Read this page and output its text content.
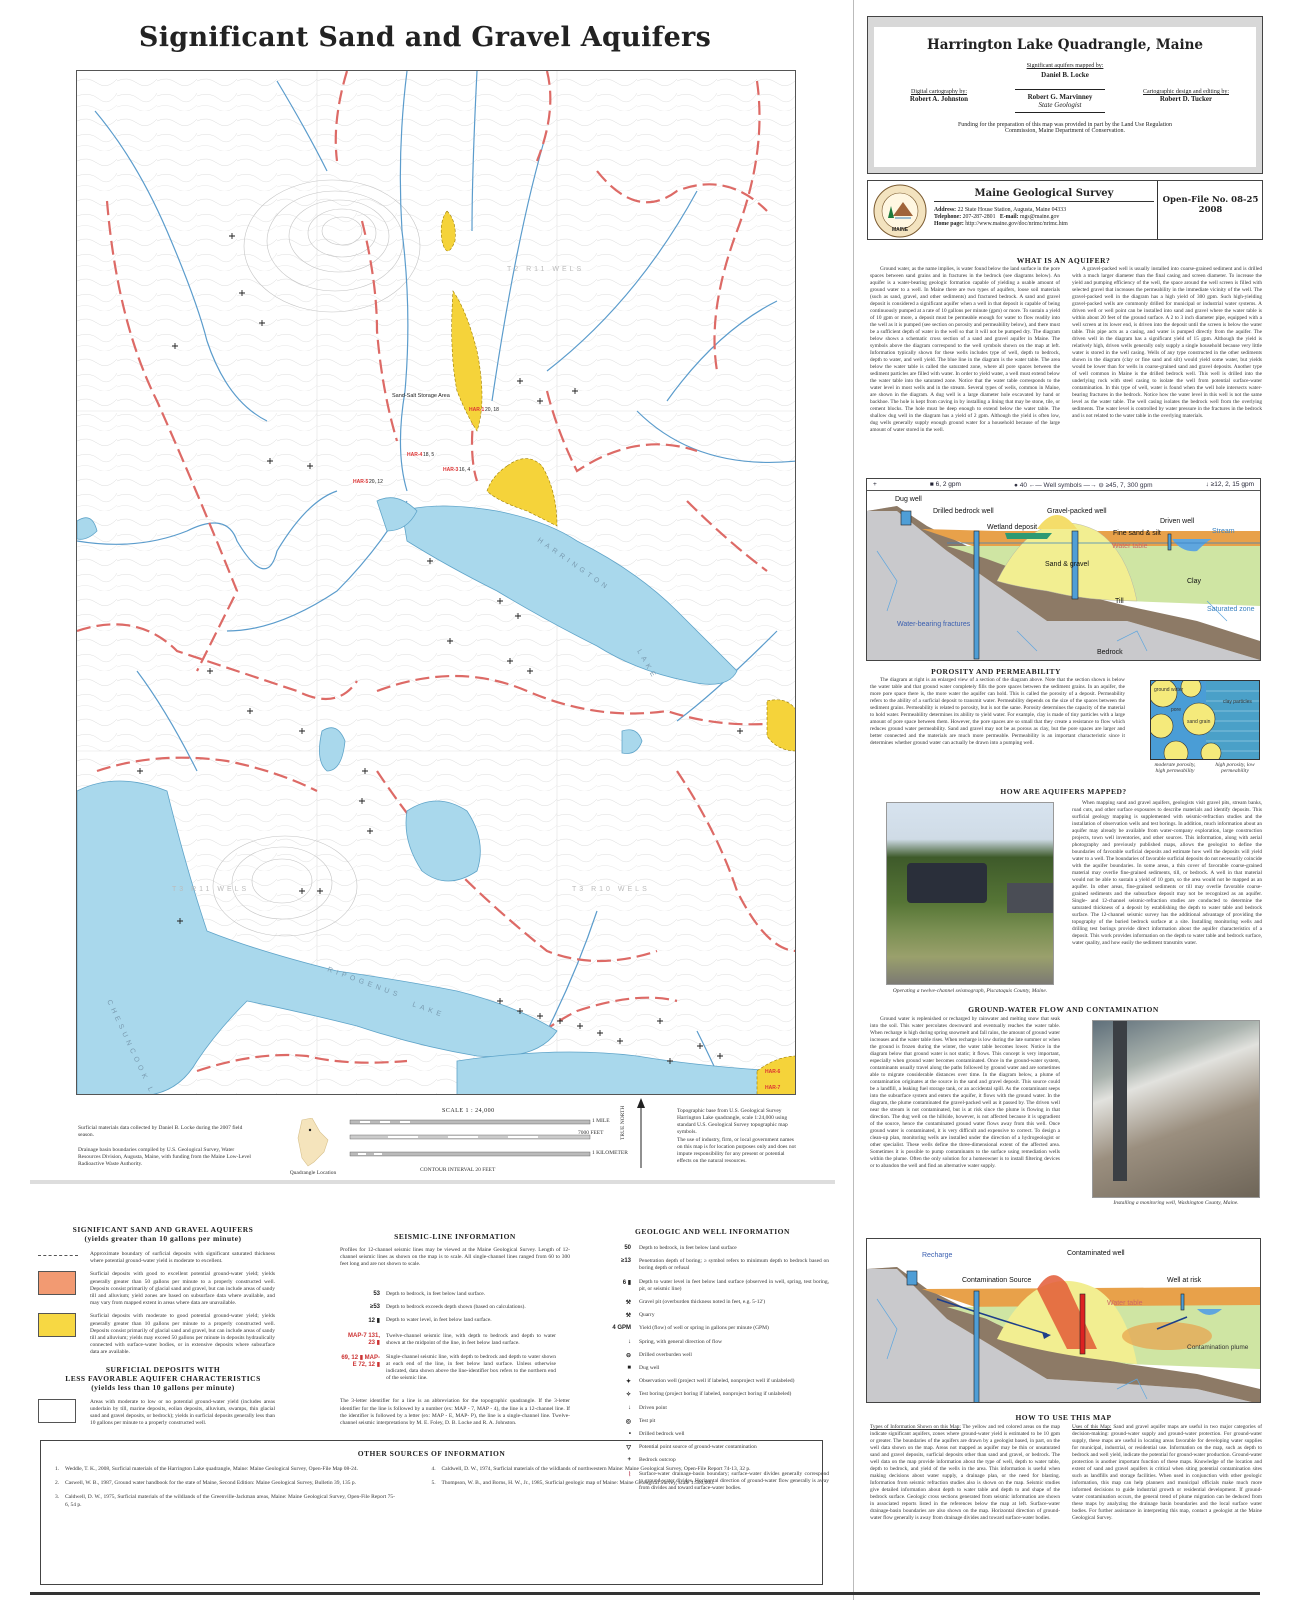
Significant Sand and Gravel Aquifers
Sand-Salt Storage Area
HAR-1
HAR-4
HAR-3
HAR-5
HAR-6
HAR-7
20, 18
18, 5
16, 4
20, 12
HARRINGTON
LAKE
RIPOGENUS
LAKE
T2 R11 WELS
T3 R11 WELS	T3 R10 WELS
Surficial materials data collected by Daniel B. Locke during the 2007 field season.
Drainage basin boundaries compiled by U.S. Geological Survey, Water Resources Division, Augusta, Maine, with funding from the Maine Low-Level Radioactive Waste Authority.
Quadrangle Location
SCALE 1 : 24,000
1 MILE
7000 FEET
1 KILOMETER
CONTOUR INTERVAL 20 FEET
TRUE NORTH	Topographic base from U.S. Geological Survey Harrington Lake quadrangle, scale 1:24,000 using standard U.S. Geological Survey topographic map symbols.
The use of industry, firm, or local government names on this map is for location purposes only and does not impute responsibility for any present or potential effects on the natural resources.
SIGNIFICANT SAND AND GRAVEL AQUIFERS
(yields greater than 10 gallons per minute)
Approximate boundary of surficial deposits with significant saturated thickness where potential ground-water yield is moderate to excellent.
Surficial deposits with good to excellent potential ground-water yield; yields generally greater than 50 gallons per minute to a properly constructed well. Deposits consist primarily of glacial sand and gravel, but can include areas of sandy till and alluvium; yield zones are based on subsurface data where available, and may vary from mapped extent in areas where data are unavailable.
Surficial deposits with moderate to good potential ground-water yield; yields generally greater than 10 gallons per minute to a properly constructed well. Deposits consist primarily of glacial sand and gravel, but can include areas of sandy till and alluvium; yields may exceed 50 gallons per minute in deposits hydraulically connected with surface-water bodies, or in extensive deposits where subsurface data are available.
SURFICIAL DEPOSITS WITH
LESS FAVORABLE AQUIFER CHARACTERISTICS
(yields less than 10 gallons per minute)
Areas with moderate to low or no potential ground-water yield (includes areas underlain by till, marine deposits, eolian deposits, alluvium, swamps, thin glacial sand and gravel deposits, or bedrock); yields in surficial deposits generally less than 10 gallons per minute to a properly constructed well.
SEISMIC-LINE INFORMATION
Profiles for 12-channel seismic lines may be viewed at the Maine Geological Survey. Length of 12-channel seismic lines as shown on the map is to scale. All single-channel lines ranged from 60 to 300 feet long and are not shown to scale.
53 Depth to bedrock, in feet below land surface.
≥53 Depth to bedrock exceeds depth shown (based on calculations).
12 ▮ Depth to water level, in feet below land surface.
MAP-7 131, 23 ▮
Twelve-channel seismic line, with depth to bedrock and depth to water shown at the midpoint of the line, in feet below land surface.
69, 12 ▮ MAP-E 72, 12 ▮
Single-channel seismic line, with depth to bedrock and depth to water shown at each end of the line, in feet below land surface. Unless otherwise indicated, data shown above the line-identifier box refers to the northern end of the seismic line.
The 3-letter identifier for a line is an abbreviation for the topographic quadrangle. If the 3-letter identifier for the line is followed by a number (ex: MAP - 7, MAP - 4), the line is a 12-channel line. If the identifier is followed by a letter (ex: MAP - E, MAP- P), the line is a single-channel line. Twelve-channel seismic interpretations by M. E. Foley, D. B. Locke and R. A. Johnston.
GEOLOGIC AND WELL INFORMATION
50 Depth to bedrock, in feet below land surface
≥13 Penetration depth of boring; ≥ symbol refers to minimum depth to bedrock based on boring depth or refusal
6 ▮ Depth to water level in feet below land surface (observed in well, spring, test boring, pit, or seismic line)
⚒ Gravel pit (overburden thickness noted in feet, e.g. 5-12')
⚒ Quarry
4 GPM Yield (flow) of well or spring in gallons per minute (GPM)
↓ Spring, with general direction of flow
⊖ Drilled overburden well
■ Dug well
✦ Observation well (project well if labeled, nonproject well if unlabeled)
✧ Test boring (project boring if labeled, nonproject boring if unlabeled)
↓ Driven point
◎ Test pit
• Drilled bedrock well
▽ Potential point source of ground-water contamination
+ Bedrock outcrop
⌇ Surface-water drainage-basin boundary; surface-water divides generally correspond to ground-water divides. Horizontal direction of ground-water flow generally is away from divides and toward surface-water bodies.
OTHER SOURCES OF INFORMATION
1.	Weddle, T. K., 2008, Surficial materials of the Harrington Lake quadrangle, Maine: Maine Geological Survey, Open-File Map 08-24.
2.	Caswell, W. B., 1987, Ground water handbook for the state of Maine, Second Edition: Maine Geological Survey, Bulletin 39, 135 p.
3.	Caldwell, D. W., 1975, Surficial materials of the wildlands of the Greenville-Jackman areas, Maine: Maine Geological Survey, Open-File Report 75-6, 54 p.
4.	Caldwell, D. W., 1974, Surficial materials of the wildlands of northwestern Maine: Maine Geological Survey, Open-File Report 74-13, 32 p.
5.	Thompson, W. B., and Borns, H. W., Jr., 1985, Surficial geologic map of Maine: Maine Geological Survey, scale 1:500,000.
Harrington Lake Quadrangle, Maine
Significant aquifers mapped by:
Daniel B. Locke
Digital cartography by:
Robert A. Johnston	Robert G. Marvinney
State Geologist
Cartographic design and editing by:
Robert D. Tucker
Funding for the preparation of this map was provided in part by the Land Use Regulation Commission, Maine Department of Conservation.
MAINE
Maine Geological Survey
Address: 22 State House Station, Augusta, Maine 04333
Telephone: 207-287-2801 E-mail: mgs@maine.gov
Home page: http://www.maine.gov/doc/nrimc/nrimc.htm
Open-File No. 08-25
2008
WHAT IS AN AQUIFER?
Ground water, as the name implies, is water found below the land surface in the pore spaces between sand grains and in fractures in the bedrock (see diagrams below). An aquifer is a water-bearing geologic formation capable of yielding a usable amount of ground water to a well. In Maine there are two types of aquifers, loose soil materials (such as sand, gravel, and other sediments) and fractured bedrock. A sand and gravel deposit is considered a significant aquifer when a well in that deposit is capable of being continuously pumped at a rate of 10 gallons per minute (gpm) or more. To sustain a yield of 10 gpm or more, a deposit must be permeable enough for water to flow readily into the well as it is pumped (see section on porosity and permeability below), and there must be a sufficient depth of water in the well so that it will not be pumped dry. The diagram below shows a schematic cross section of a sand and gravel aquifer in Maine. The symbols above the diagram correspond to the well symbols shown on the map at left. Information typically shown for these wells includes type of well, depth to bedrock, depth to water, and well yield. The blue line in the diagram is the water table. The area below the water table is called the saturated zone, where all pore spaces between the sediment particles are filled with water. In order to yield water, a well must extend below the water table into the saturated zone. Notice that the water table corresponds to the water level in most wells and in the stream. Several types of wells, common in Maine, are shown in the diagram. A dug well is a large diameter hole excavated by hand or backhoe. The hole is kept from caving in by installing a lining that may be stone, tile, or cement blocks. The hole must be deep enough to extend below the water table. The shallow dug well in the diagram has a yield of 2 gpm. Although the yield is often low, dug wells generally supply enough ground water for a household because of the large amount of water stored in the well.
A gravel-packed well is usually installed into coarse-grained sediment and is drilled with a much larger diameter than the final casing and screen diameter. To increase the yield and pumping efficiency of the well, the space around the well screen is filled with selected gravel that increases the permeability in the immediate vicinity of the well. The gravel-packed well in the diagram has a high yield of 300 gpm. Such high-yielding gravel-packed wells are commonly drilled for municipal or industrial water systems. A driven well or well point can be installed into sand and gravel where the water table is within about 20 feet of the ground surface. A 2 to 3 inch diameter pipe, equipped with a well screen at its lower end, is driven into the deposit until the screen is below the water table. This pipe acts as a casing, and water is pumped directly from the aquifer. The driven well in the diagram has a significant yield of 15 gpm. Although the yield is relatively high, driven wells generally only supply a single household because very little water is stored in the well casing. Wells of any type constructed in the other sediments shown in the diagram (clay or fine sand and silt) would yield some water, but yields would be lower than for wells in coarse-grained sand and gravel deposits. Another type of well common in Maine is the drilled bedrock well. This well is drilled into the underlying rock with steel casing to isolate the well from potential surface-water contamination. In this type of well, water is found when the well hole intersects water-bearing fractures in the bedrock. Notice how the water level in this well is not the same level as the water table. The well casing isolates the bedrock well from the overlying sediments. The water level is controlled by water pressure in the fractures in the bedrock and is not related to the water table in the overlying materials.
+	■ 6, 2 gpm	● 40 ←— Well symbols —→ ⊖ ≥45, 7, 300 gpm	↓ ≥12, 2, 15 gpm
Dug well
Drilled bedrock well	Gravel-packed well
Wetland deposit
Fine sand & silt
Driven well
Stream
Water table
Sand & gravel
Clay
Saturated zone
Till
Water-bearing fractures
Bedrock
POROSITY AND PERMEABILITY
The diagram at right is an enlarged view of a section of the diagram above. Note that the section shown is below the water table and that ground water completely fills the pore spaces between the sediment grains. In an aquifer, the more pore space there is, the more water the aquifer can hold. This is called the porosity of a deposit. Permeability refers to the ability of a surficial deposit to transmit water. Permeability depends on the size of the spaces between the sediment grains. Permeability is related to porosity, but is not the same. Porosity determines the capacity of the material to hold water. Permeability determines its ability to yield water. For example, clay is made of tiny particles with a large amount of pore space between them. However, the pore spaces are so small that they create a resistance to flow which reduces ground water permeability. Sand and gravel may not be as porous as clay, but the pore spaces are larger and better connected and the materials are much more permeable. Permeability is an important characteristic since it determines whether ground water can actually be drawn into a pumping well.
ground water
pore
sand grain
clay particles
moderate porosity, high permeability
high porosity, low permeability
HOW ARE AQUIFERS MAPPED?
Operating a twelve-channel seismograph, Piscataquis County, Maine.
When mapping sand and gravel aquifers, geologists visit gravel pits, stream banks, road cuts, and other surface exposures to describe materials and identify deposits. This surficial geology mapping is supplemented with seismic-refraction studies and the installation of observation wells and test borings. In addition, much information about an aquifer may already be available from water-company exploration, large construction projects, town well inventories, and other sources. This information, along with aerial photography and previously published maps, allows the geologist to define the boundaries of favorable surficial deposits and estimate how well the deposits will yield water to a well. The boundaries of favorable surficial deposits do not necessarily coincide with the aquifer boundaries. In some areas, a thin cover of favorable coarse-grained material may overlie fine-grained sediments, till, or bedrock. A well in that material would not be able to sustain a yield of 10 gpm, so the area would not be mapped as an aquifer. In other areas, fine-grained sediments or till may overlie favorable coarse-grained sediments and the subsurface deposit may not be recognized as an aquifer. Single- and 12-channel seismic-refraction studies are conducted to determine the saturated thickness of a deposit by establishing the depth to water table and bedrock surface. The 12-channel seismic survey has the additional advantage of providing the topography of the buried bedrock surface at a site. Installing monitoring wells and drilling test borings provide direct information about the aquifer characteristics of a deposit. This work provides information on the depth to water table and bedrock surface, water quality, and how easily the sediment transmits water.
GROUND-WATER FLOW AND CONTAMINATION
Ground water is replenished or recharged by rainwater and melting snow that seak into the soil. This water percolates downward and eventually reaches the water table. When recharge is high during spring snowmelt and fall rains, the amount of ground water increases and the water table rises. When recharge is low during the late summer or when the ground is frozen during the winter, the water table becomes lower. Notice in the diagram below that ground water is not static; it flows. This concept is very important, especially when ground water becomes contaminated. Once in the ground-water system, contaminants usually travel along the paths followed by ground water and are sometimes able to migrate considerable distances over time. In the diagram below, a plume of contamination originates at the source in the sand and gravel deposit. This source could be a landfill, a leaking fuel storage tank, or an accidental spill. As the contaminant seeps into the subsurface system and enters the aquifer, it flows with the ground water. In the diagram, the plume contaminated the gravel-packed well as it passed by. The driven well near the stream is not contaminated, but is at risk since the plume is flowing in that direction. The dug well on the hillside, however, is not affected because it is upgradient of the source, hence the contaminated ground water flows away from this well. Once ground water is contaminated, it is very difficult and expensive to correct. To design a clean-up plan, monitoring wells are installed under the direction of a hydrogeologist or other specialist. These wells define the three-dimensional extent of the affected area. Sometimes it is possible to pump contaminants to the surface using remediation wells within the plume. Often the only solution for a homeowner is to install filtering devices or to abandon the well and find an alternative water supply.
Installing a monitoring well, Washington County, Maine.
Recharge
Contamination Source
Contaminated well
Well at risk
Water table
Contamination plume
HOW TO USE THIS MAP
Types of Information Shown on this Map: The yellow and red colored areas on the map indicate significant aquifers, zones where ground-water yield is estimated to be 10 gpm or greater. The boundaries of the aquifers are drawn by a geologist based, in part, on the well data shown on the map. Areas not mapped as aquifer may be thin or unsaturated sand and gravel deposits, surficial deposits other than sand and gravel, or bedrock. The well data on the map provide information about the type of well, depth to water table, depth to bedrock, and yield of the wells in the area. This information is useful when making decisions about water supply, a drainage plan, or the need for blasting. Information from seismic refraction studies also is shown on the map. Seismic studies give detailed information about depth to water table and depth to and shape of the bedrock surface. Geologic cross sections generated from seismic information are shown in associated reports listed in the references below the map at left. Surface-water drainage-basin boundaries are also shown on the map. Horizontal direction of ground-water flow generally is away from drainage divides and toward surface-water bodies.
Uses of this Map: Sand and gravel aquifer maps are useful in two major categories of decision-making: ground-water supply and ground-water protection. For ground-water supply, these maps are useful in locating areas favorable for developing water supplies for municipal, industrial, or residential use. Information on the map, such as depth to bedrock and well yield, indicate the potential for ground-water production. Ground-water protection is another important function of these maps. Knowledge of the location and extent of sand and gravel aquifers is critical when siting potential contamination sites such as landfills and storage facilities. When used in conjunction with other geologic information, this map can help planners and municipal officials make much more informed decisions to guide industrial growth or residential development. If ground-water contamination occurs, the general trend of plume migration can be deduced from these maps by analyzing the drainage basin boundaries and the local surface water bodies. For further assistance in interpreting this map, contact a geologist at the Maine Geological Survey.
